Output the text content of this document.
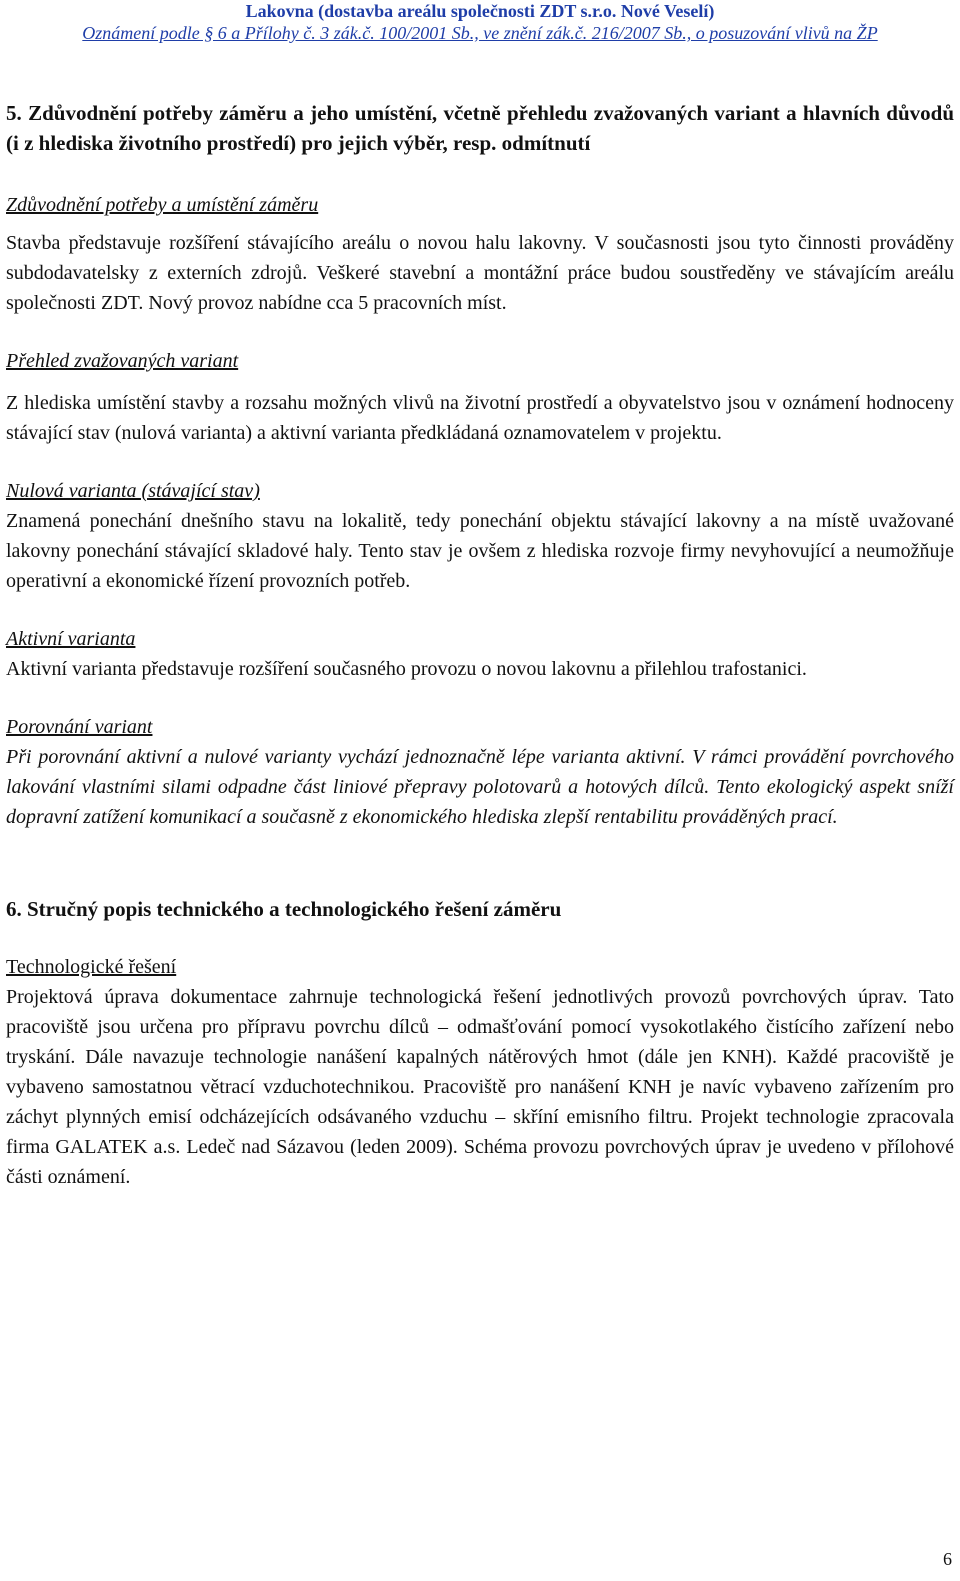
Lakovna (dostavba areálu společnosti ZDT s.r.o. Nové Veselí)
Oznámení podle § 6 a Přílohy č. 3 zák.č. 100/2001 Sb., ve znění zák.č. 216/2007 Sb., o posuzování vlivů na ŽP

5. Zdůvodnění potřeby záměru a jeho umístění, včetně přehledu zvažovaných variant a hlavních důvodů (i z hlediska životního prostředí) pro jejich výběr, resp. odmítnutí

Zdůvodnění potřeby a umístění záměru

Stavba představuje rozšíření stávajícího areálu o novou halu lakovny. V současnosti jsou tyto činnosti prováděny subdodavatelsky z externích zdrojů. Veškeré stavební a montážní práce budou soustředěny ve stávajícím areálu společnosti ZDT. Nový provoz nabídne cca 5 pracovních míst.

Přehled zvažovaných variant

Z hlediska umístění stavby a rozsahu možných vlivů na životní prostředí a obyvatelstvo jsou v oznámení hodnoceny stávající stav (nulová varianta) a aktivní varianta předkládaná oznamovatelem v projektu.

Nulová varianta (stávající stav)

Znamená ponechání dnešního stavu na lokalitě, tedy ponechání objektu stávající lakovny a na místě uvažované lakovny ponechání stávající skladové haly. Tento stav je ovšem z hlediska rozvoje firmy nevyhovující a neumožňuje operativní a ekonomické řízení provozních potřeb.

Aktivní varianta

Aktivní varianta představuje rozšíření současného provozu o novou lakovnu a přilehlou trafostanici.

Porovnání variant

Při porovnání aktivní a nulové varianty vychází jednoznačně lépe varianta aktivní. V rámci provádění povrchového lakování vlastními silami odpadne část liniové přepravy polotovarů a hotových dílců. Tento ekologický aspekt sníží dopravní zatížení komunikací a současně z ekonomického hlediska zlepší rentabilitu prováděných prací.

6. Stručný popis technického a technologického řešení záměru

Technologické řešení

Projektová úprava dokumentace zahrnuje technologická řešení jednotlivých provozů povrchových úprav. Tato pracoviště jsou určena pro přípravu povrchu dílců – odmašťování pomocí vysokotlakého čistícího zařízení nebo tryskání. Dále navazuje technologie nanášení kapalných nátěrových hmot (dále jen KNH). Každé pracoviště je vybaveno samostatnou větrací vzduchotechnikou. Pracoviště pro nanášení KNH je navíc vybaveno zařízením pro záchyt plynných emisí odcházejících odsávaného vzduchu – skříní emisního filtru. Projekt technologie zpracovala firma GALATEK a.s. Ledeč nad Sázavou (leden 2009). Schéma provozu povrchových úprav je uvedeno v přílohové části oznámení.

6
